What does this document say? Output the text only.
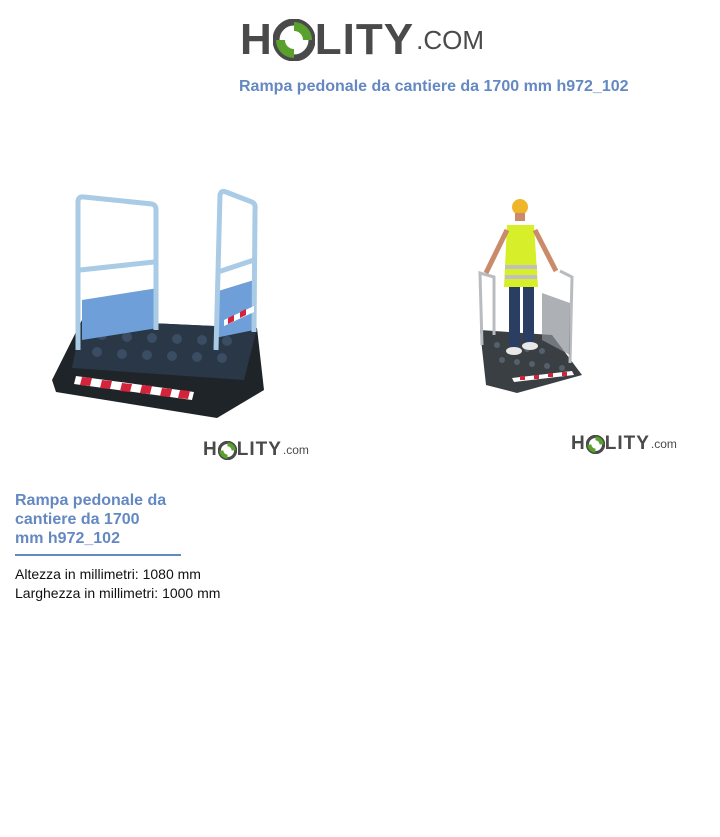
H LITY .COM
Rampa pedonale da cantiere da 1700 mm h972_102
H LITY .com	H LITY .com
Rampa pedonale da
cantiere da 1700
mm h972_102
Altezza in millimetri: 1080 mm
Larghezza in millimetri: 1000 mm
